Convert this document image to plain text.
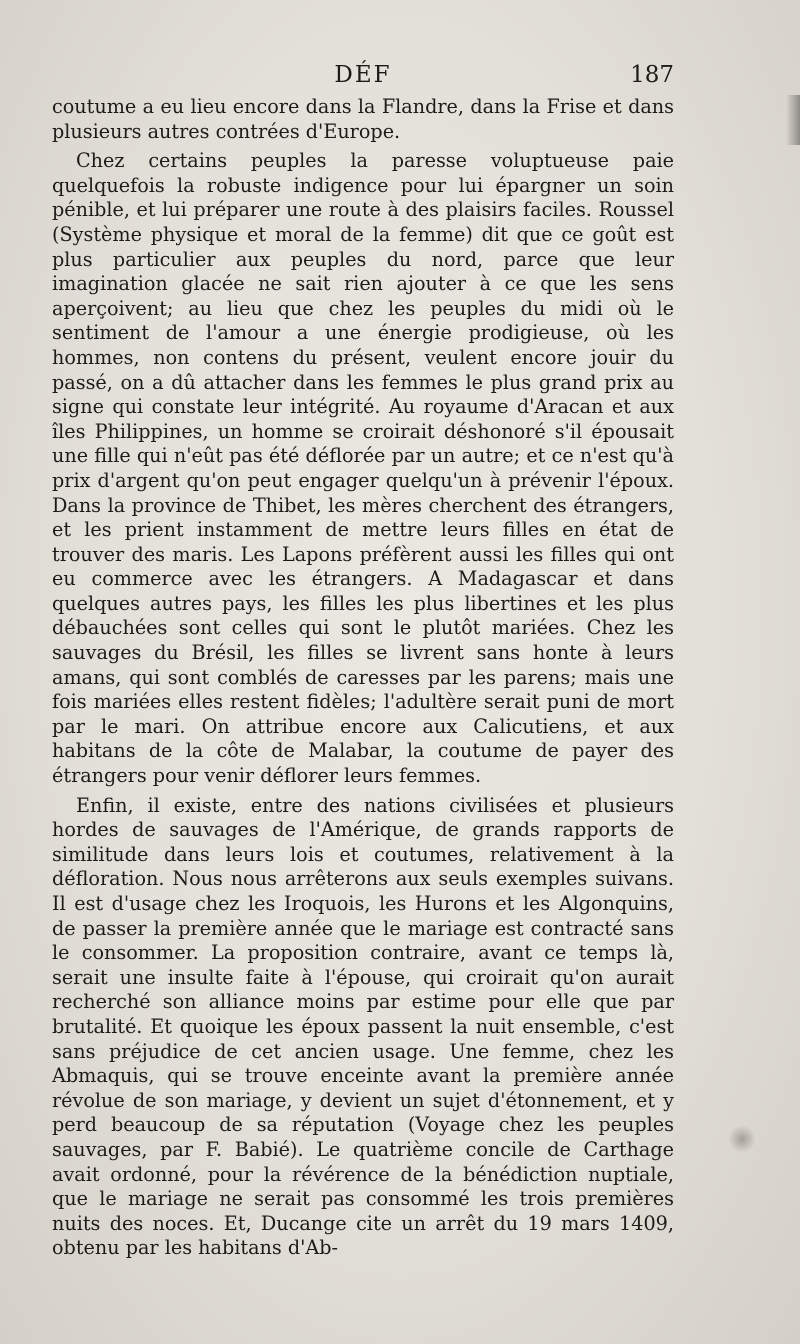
DÉF	187

coutume a eu lieu encore dans la Flandre, dans la Frise et dans plusieurs autres contrées d'Europe.

Chez certains peuples la paresse voluptueuse paie quelquefois la robuste indigence pour lui épargner un soin pénible, et lui préparer une route à des plaisirs faciles. Roussel (Système physique et moral de la femme) dit que ce goût est plus particulier aux peuples du nord, parce que leur imagination glacée ne sait rien ajouter à ce que les sens aperçoivent; au lieu que chez les peuples du midi où le sentiment de l'amour a une énergie prodigieuse, où les hommes, non contens du présent, veulent encore jouir du passé, on a dû attacher dans les femmes le plus grand prix au signe qui constate leur intégrité. Au royaume d'Aracan et aux îles Philippines, un homme se croirait déshonoré s'il épousait une fille qui n'eût pas été déflorée par un autre; et ce n'est qu'à prix d'argent qu'on peut engager quelqu'un à prévenir l'époux. Dans la province de Thibet, les mères cherchent des étrangers, et les prient instamment de mettre leurs filles en état de trouver des maris. Les Lapons préfèrent aussi les filles qui ont eu commerce avec les étrangers. A Madagascar et dans quelques autres pays, les filles les plus libertines et les plus débauchées sont celles qui sont le plutôt mariées. Chez les sauvages du Brésil, les filles se livrent sans honte à leurs amans, qui sont comblés de caresses par les parens; mais une fois mariées elles restent fidèles; l'adultère serait puni de mort par le mari. On attribue encore aux Calicutiens, et aux habitans de la côte de Malabar, la coutume de payer des étrangers pour venir déflorer leurs femmes.

Enfin, il existe, entre des nations civilisées et plusieurs hordes de sauvages de l'Amérique, de grands rapports de similitude dans leurs lois et coutumes, relativement à la défloration. Nous nous arrêterons aux seuls exemples suivans. Il est d'usage chez les Iroquois, les Hurons et les Algonquins, de passer la première année que le mariage est contracté sans le consommer. La proposition contraire, avant ce temps là, serait une insulte faite à l'épouse, qui croirait qu'on aurait recherché son alliance moins par estime pour elle que par brutalité. Et quoique les époux passent la nuit ensemble, c'est sans préjudice de cet ancien usage. Une femme, chez les Abmaquis, qui se trouve enceinte avant la première année révolue de son mariage, y devient un sujet d'étonnement, et y perd beaucoup de sa réputation (Voyage chez les peuples sauvages, par F. Babié). Le quatrième concile de Carthage avait ordonné, pour la révérence de la bénédiction nuptiale, que le mariage ne serait pas consommé les trois premières nuits des noces. Et, Ducange cite un arrêt du 19 mars 1409, obtenu par les habitans d'Ab-
